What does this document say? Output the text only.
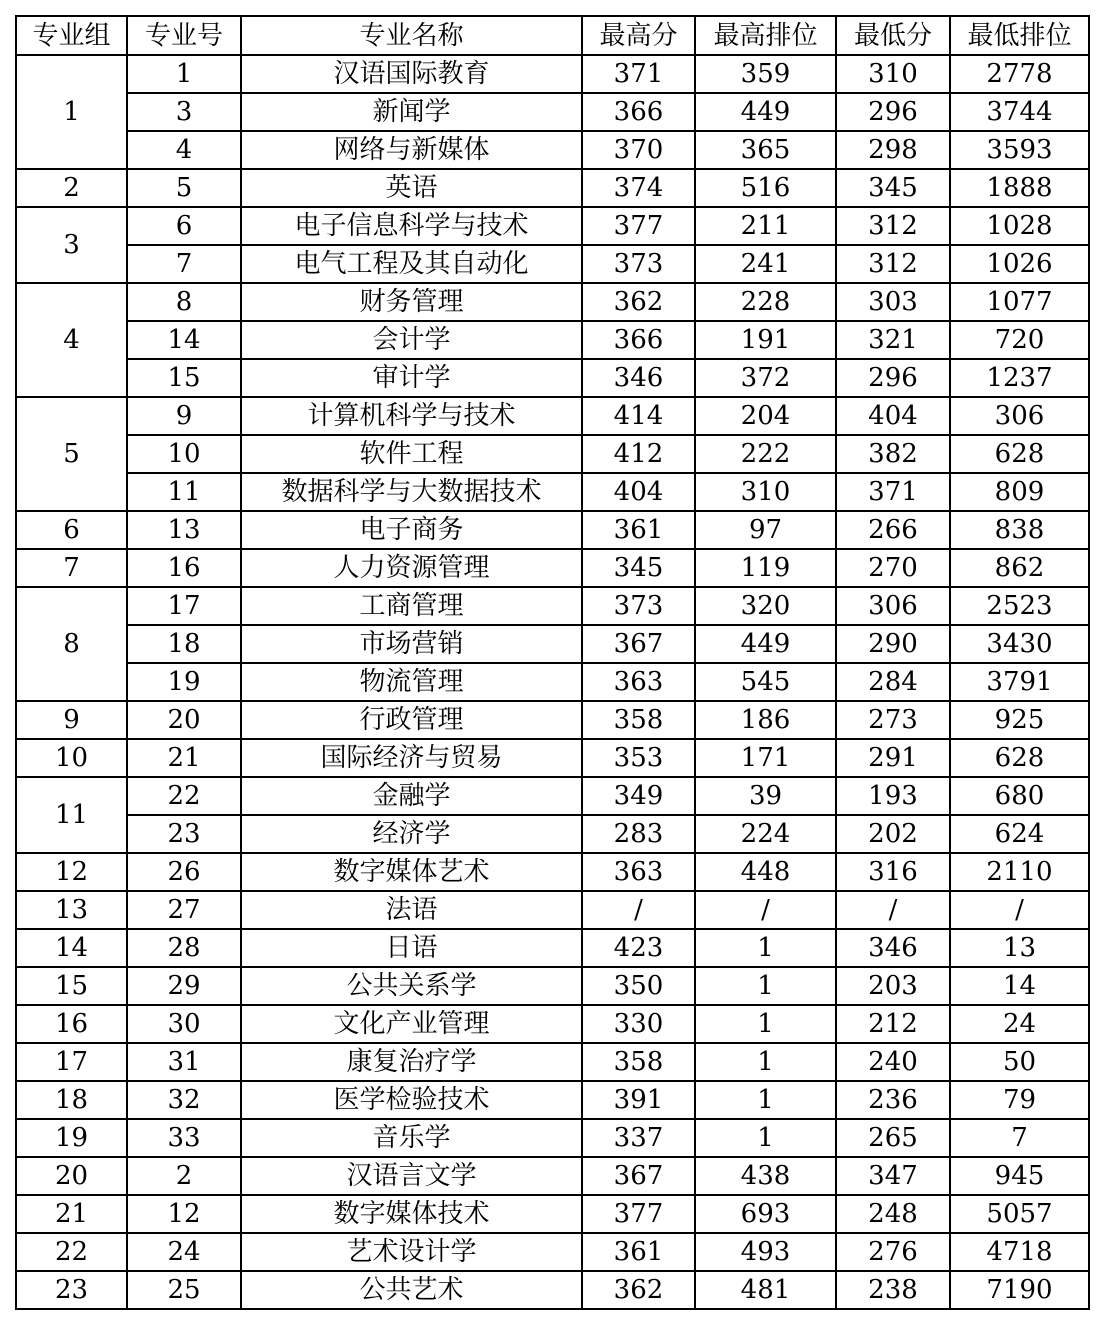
专业组	专业号	专业名称	最高分	最高排位	最低分	最低排位
1	1	汉语国际教育	371	359	310	2778
	3	新闻学	366	449	296	3744
	4	网络与新媒体	370	365	298	3593
2	5	英语	374	516	345	1888
3	6	电子信息科学与技术	377	211	312	1028
	7	电气工程及其自动化	373	241	312	1026
4	8	财务管理	362	228	303	1077
	14	会计学	366	191	321	720
	15	审计学	346	372	296	1237
5	9	计算机科学与技术	414	204	404	306
	10	软件工程	412	222	382	628
	11	数据科学与大数据技术	404	310	371	809
6	13	电子商务	361	97	266	838
7	16	人力资源管理	345	119	270	862
8	17	工商管理	373	320	306	2523
	18	市场营销	367	449	290	3430
	19	物流管理	363	545	284	3791
9	20	行政管理	358	186	273	925
10	21	国际经济与贸易	353	171	291	628
11	22	金融学	349	39	193	680
	23	经济学	283	224	202	624
12	26	数字媒体艺术	363	448	316	2110
13	27	法语	/	/	/	/
14	28	日语	423	1	346	13
15	29	公共关系学	350	1	203	14
16	30	文化产业管理	330	1	212	24
17	31	康复治疗学	358	1	240	50
18	32	医学检验技术	391	1	236	79
19	33	音乐学	337	1	265	7
20	2	汉语言文学	367	438	347	945
21	12	数字媒体技术	377	693	248	5057
22	24	艺术设计学	361	493	276	4718
23	25	公共艺术	362	481	238	7190
